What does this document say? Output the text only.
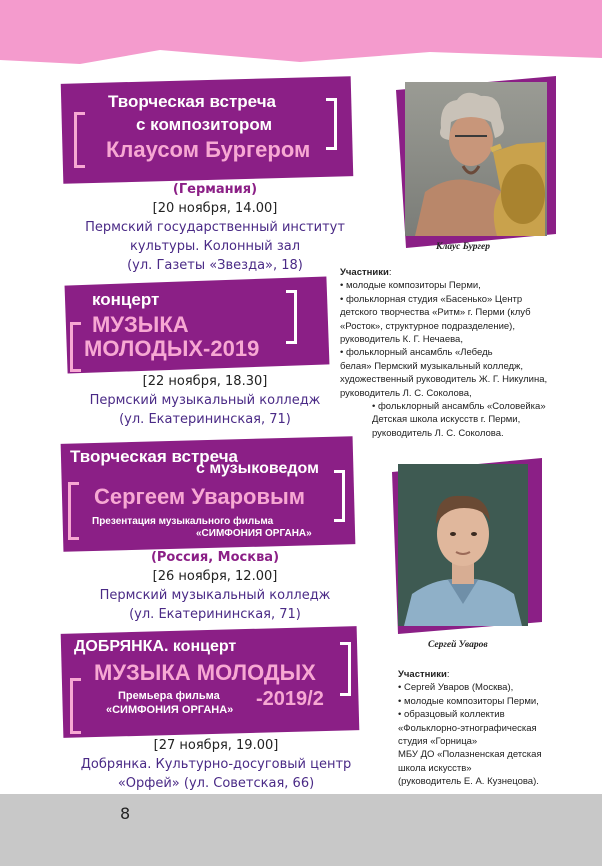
Творческая встреча
с композитором
Клаусом Бургером
(Германия)
[20 ноября, 14.00]
Пермский государственный институт
культуры. Колонный зал
(ул. Газеты «Звезда», 18)
концерт
МУЗЫКА
МОЛОДЫХ-2019
[22 ноября, 18.30]
Пермский музыкальный колледж
(ул. Екатерининская, 71)
Творческая встреча
с музыковедом
Сергеем Уваровым
Презентация музыкального фильма
«СИМФОНИЯ ОРГАНА»
(Россия, Москва)
[26 ноября, 12.00]
Пермский музыкальный колледж
(ул. Екатерининская, 71)
ДОБРЯНКА. концерт
МУЗЫКА МОЛОДЫХ
Премьера фильма
«СИМФОНИЯ ОРГАНА» -2019/2
[27 ноября, 19.00]
Добрянка. Культурно-досуговый центр
«Орфей» (ул. Советская, 66)
Клаус Бургер
Участники:
• молодые композиторы Перми,
• фольклорная студия «Басенько» Центр
детского творчества «Ритм» г. Перми (клуб
«Росток», структурное подразделение),
руководитель К. Г. Нечаева,
• фольклорный ансамбль «Лебедь
белая» Пермский музыкальный колледж,
художественный руководитель Ж. Г. Никулина,
руководитель Л. С. Соколова,
• фольклорный ансамбль «Соловейка»
Детская школа искусств г. Перми,
руководитель Л. С. Соколова.
Сергей Уваров
Участники:
• Сергей Уваров (Москва),
• молодые композиторы Перми,
• образцовый коллектив
«Фольклорно-этнографическая
студия «Горница»
МБУ ДО «Полазненская детская
школа искусств»
(руководитель Е. А. Кузнецова).
8
